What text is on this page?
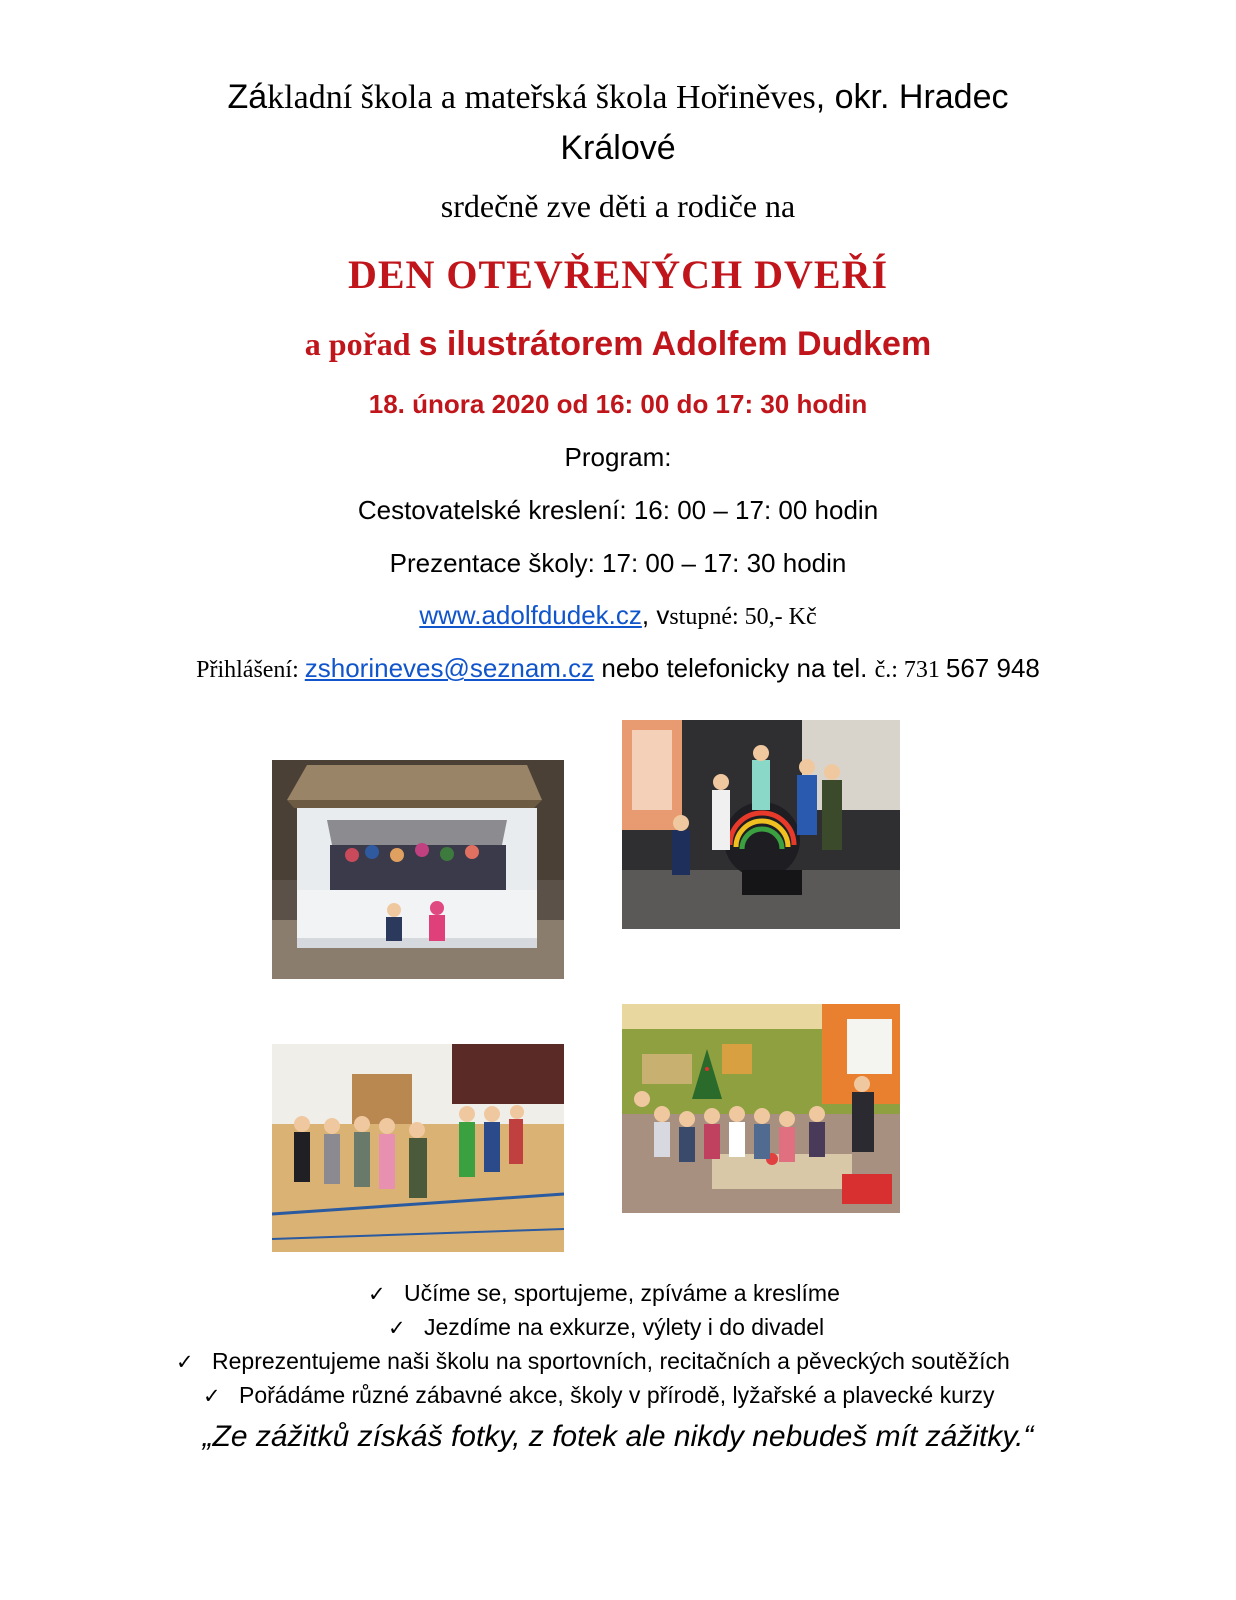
Základní škola a mateřská škola Hořiněves, okr. Hradec
Králové
srdečně zve děti a rodiče na
DEN OTEVŘENÝCH DVEŘÍ
a pořad s ilustrátorem Adolfem Dudkem
18. února 2020 od 16: 00 do 17: 30 hodin
Program:
Cestovatelské kreslení: 16: 00 – 17: 00 hodin
Prezentace školy: 17: 00 – 17: 30 hodin
www.adolfdudek.cz, vstupné: 50,- Kč
Přihlášení: zshorineves@seznam.cz nebo telefonicky na tel. č.: 731 567 948
✓ Učíme se, sportujeme, zpíváme a kreslíme
✓ Jezdíme na exkurze, výlety i do divadel
✓ Reprezentujeme naši školu na sportovních, recitačních a pěveckých soutěžích
✓ Pořádáme různé zábavné akce, školy v přírodě, lyžařské a plavecké kurzy
„Ze zážitků získáš fotky, z fotek ale nikdy nebudeš mít zážitky.“
